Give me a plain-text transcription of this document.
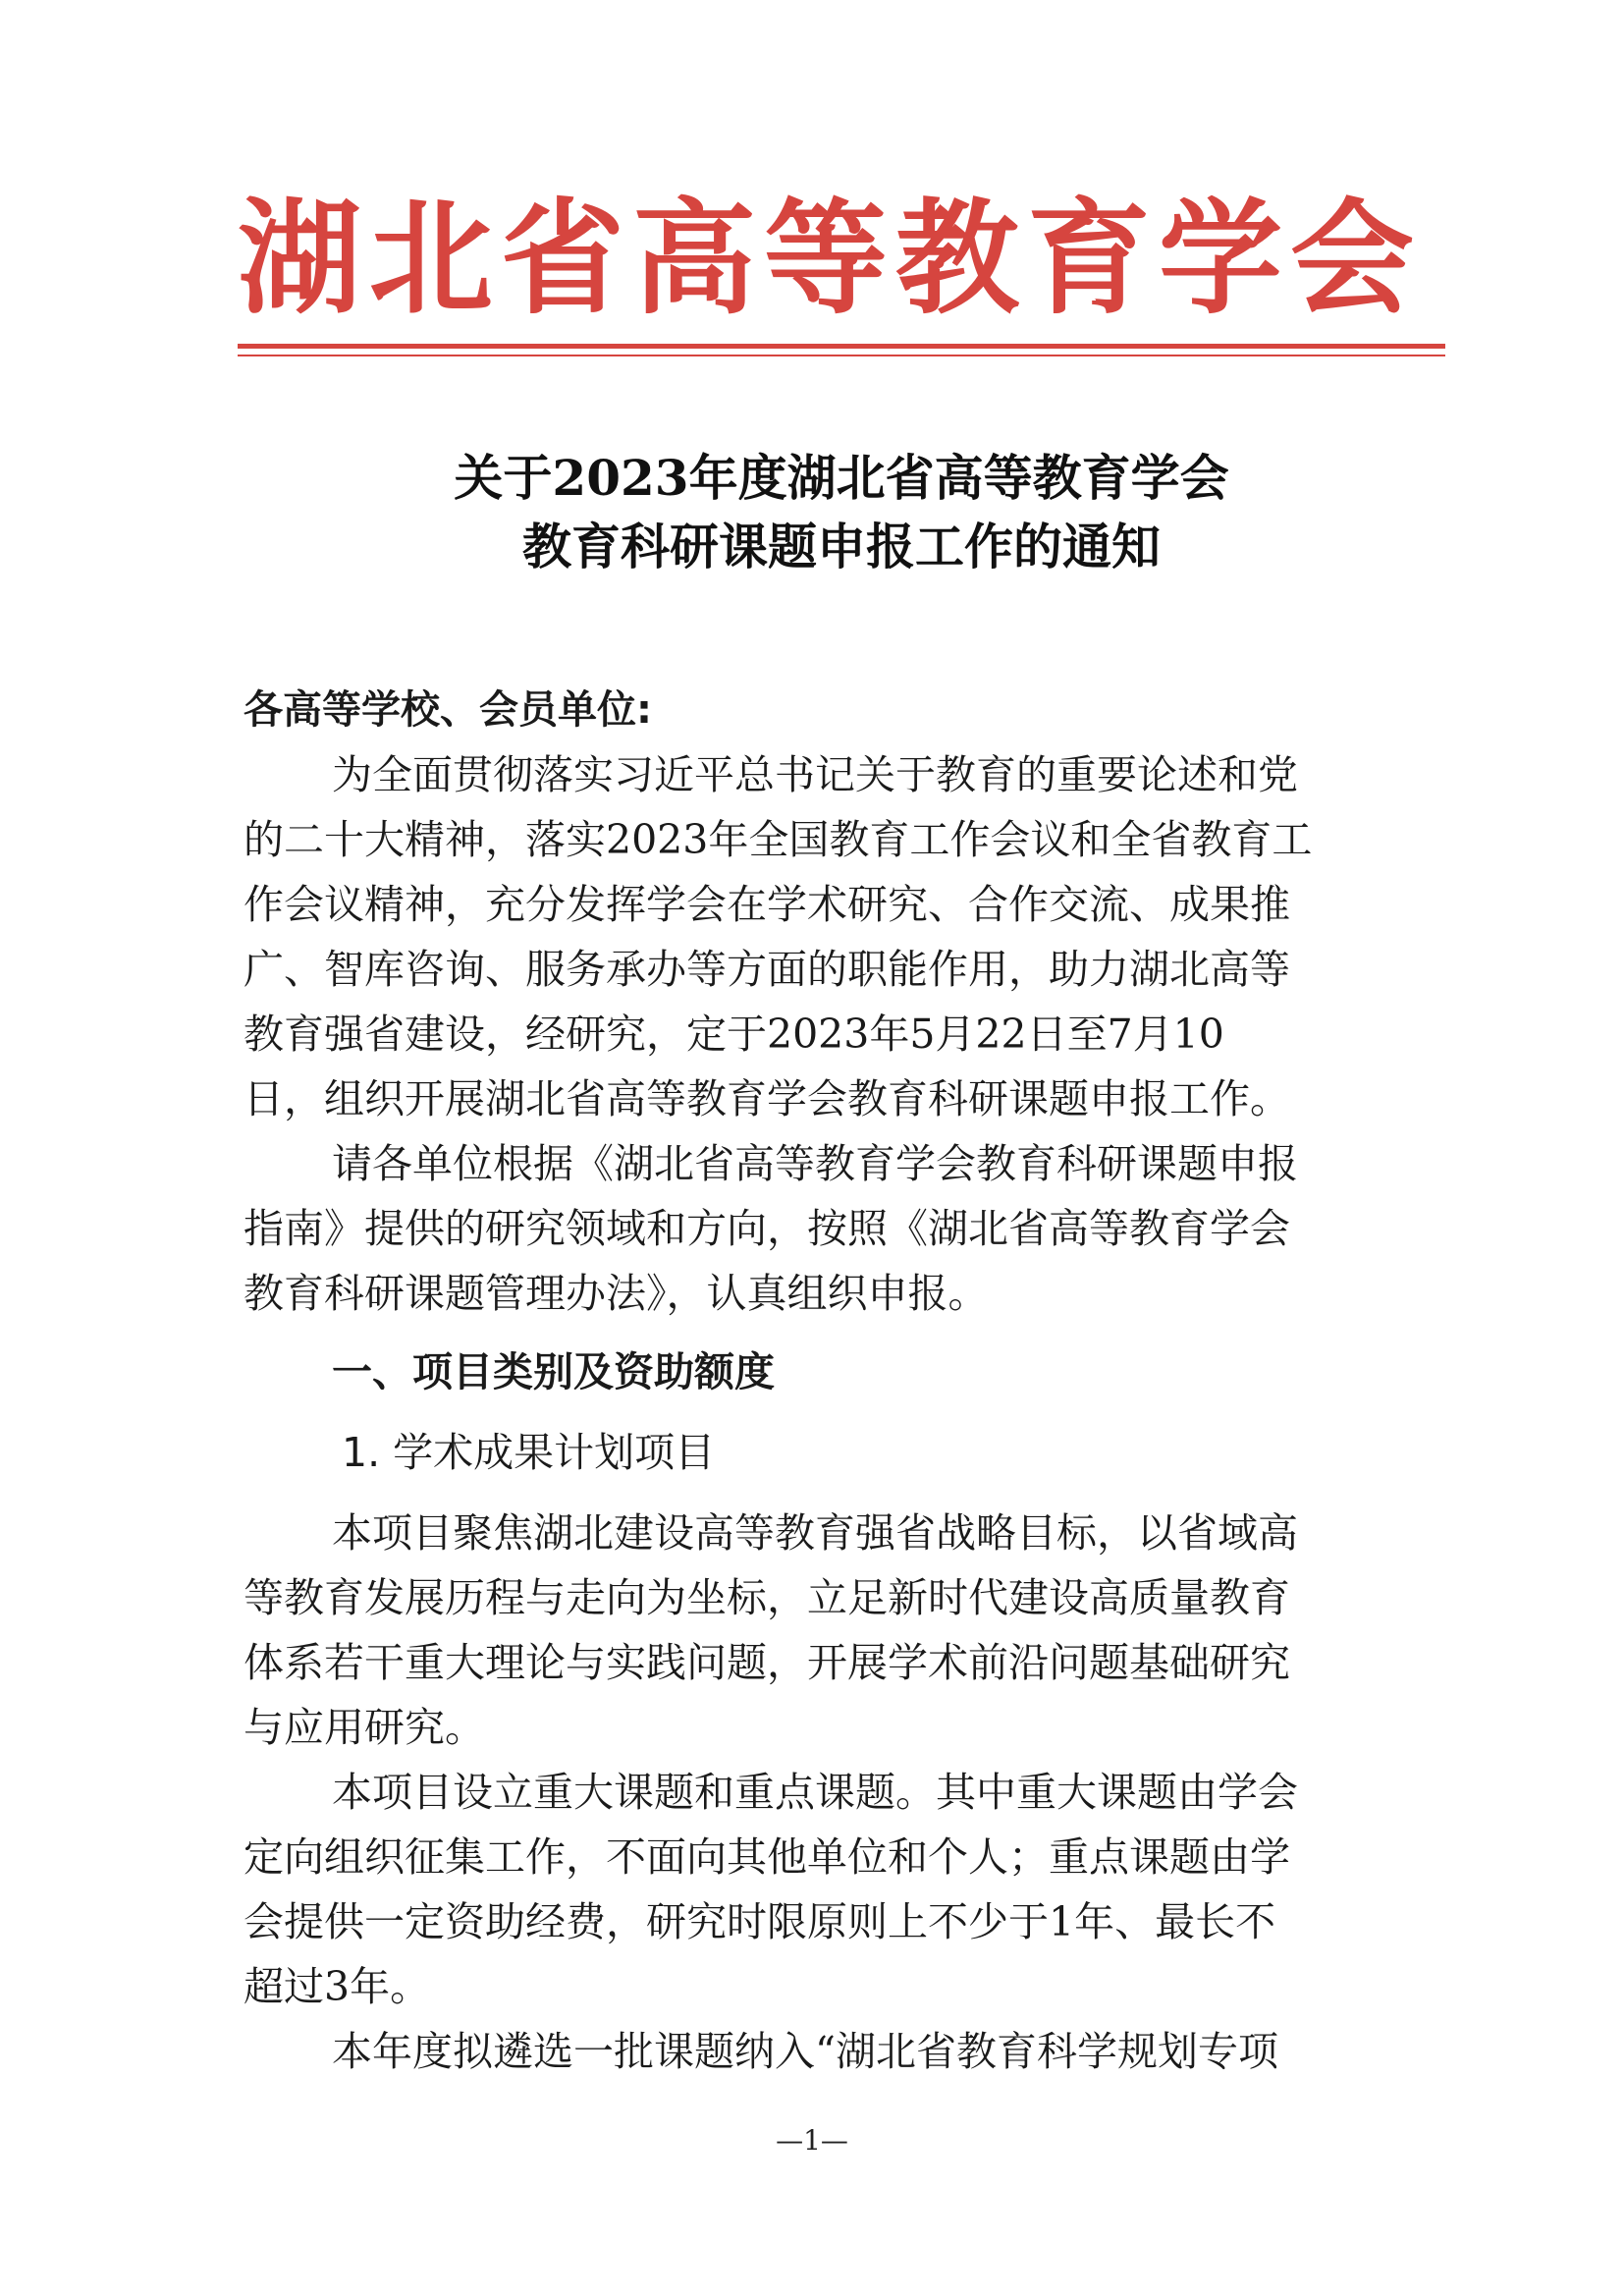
湖北省高等教育学会
关于2023年度湖北省高等教育学会
教育科研课题申报工作的通知
各高等学校、会员单位:
为全面贯彻落实习近平总书记关于教育的重要论述和党
的二十大精神，落实2023年全国教育工作会议和全省教育工
作会议精神，充分发挥学会在学术研究、合作交流、成果推
广、智库咨询、服务承办等方面的职能作用，助力湖北高等
教育强省建设，经研究，定于2023年5月22日至7月10
日，组织开展湖北省高等教育学会教育科研课题申报工作。
请各单位根据《湖北省高等教育学会教育科研课题申报
指南》提供的研究领域和方向，按照《湖北省高等教育学会
教育科研课题管理办法》，认真组织申报。
一、项目类别及资助额度
1. 学术成果计划项目
本项目聚焦湖北建设高等教育强省战略目标，以省域高
等教育发展历程与走向为坐标，立足新时代建设高质量教育
体系若干重大理论与实践问题，开展学术前沿问题基础研究
与应用研究。
本项目设立重大课题和重点课题。其中重大课题由学会
定向组织征集工作，不面向其他单位和个人；重点课题由学
会提供一定资助经费，研究时限原则上不少于1年、最长不
超过3年。
本年度拟遴选一批课题纳入“湖北省教育科学规划专项
—1—
